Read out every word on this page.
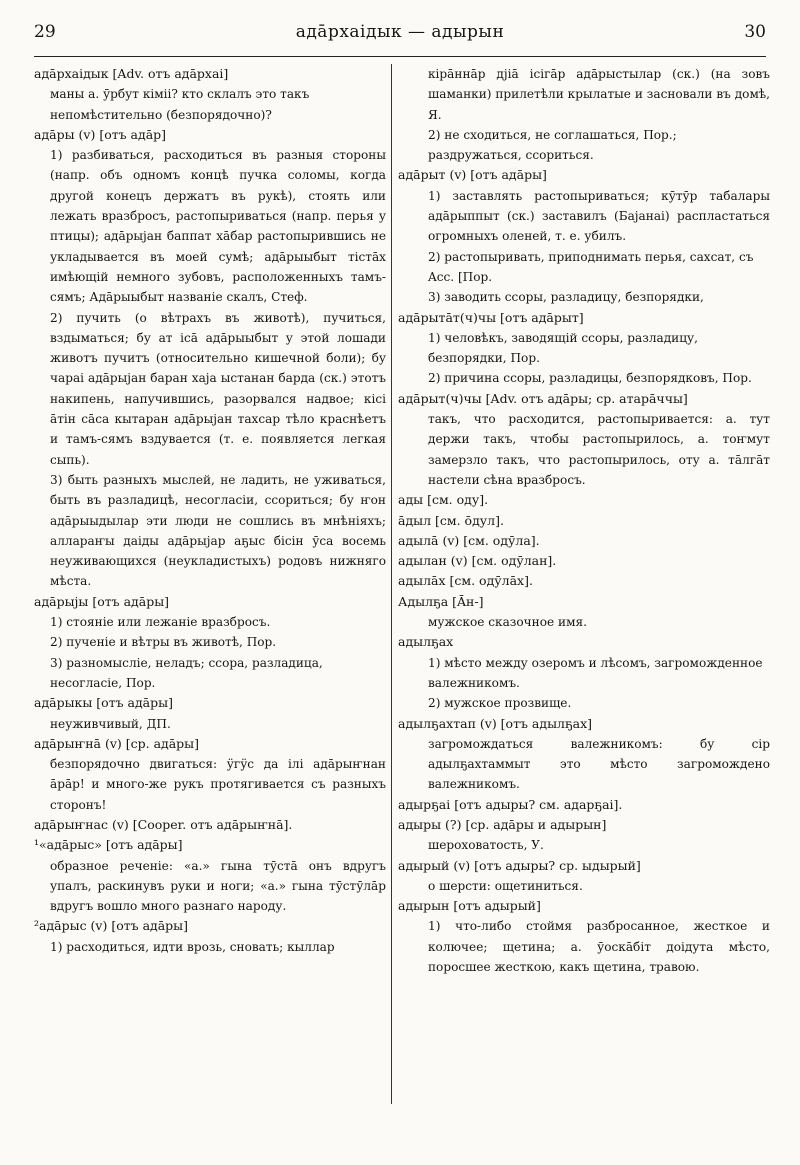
29	адāрхаідык — адырын	30
адāрхаідык [Adv. отъ адāрхаі]
маны а. ӯрбут кіміі? кто склалъ это такъ непомѣстительно (безпорядочно)?
адāры (v) [отъ адāр]
1) разбиваться, расходиться въ разныя стороны (напр. объ одномъ концѣ пучка соломы, когда другой конецъ держатъ въ рукѣ), стоять или лежать вразбросъ, растопыриваться (напр. перья у птицы); адāрыjан баппат хāбар растопырившись не укладывается въ моей сумѣ; адāрыыбыт тістāх имѣющій немного зубовъ, расположенныхъ тамъ-сямъ; Адāрыыбыт названіе скалъ, Стеф.
2) пучить (о вѣтрахъ въ животѣ), пучиться, вздыматься; бу ат ісā адāрыыбыт у этой лошади животъ пучитъ (относительно кишечной боли); бу чараі адāрыjан баран хаjа ыстанан барда (ск.) этотъ накипень, напучившись, разорвался надвое; кісі āтін сāса кытаран адāрыjан тахсар тѣло краснѣетъ и тамъ-сямъ вздувается (т. е. появляется легкая сыпь).
3) быть разныхъ мыслей, не ладить, не уживаться, быть въ разладицѣ, несогласіи, ссориться; бу ҥон адāрыыдылар эти люди не сошлись въ мнѣніяхъ; аллараҥы даіды адāрыjар аҕыс бісін ӯса восемь неуживающихся (неукладистыхъ) родовъ нижняго мѣста.
адāрыjы [отъ адāры]
1) стояніе или лежаніе вразбросъ.
2) пученіе и вѣтры въ животѣ, Пор.
3) разномысліе, неладъ; ссора, разладица, несогласіе, Пор.
адāрыкы [отъ адāры]
неуживчивый, ДП.
адāрыҥнā (v) [ср. адāры]
безпорядочно двигаться: ӱгӱс да ілі адāрыҥнан āрāр! и много-же рукъ протягивается съ разныхъ сторонъ!
адāрыҥнас (v) [Cooper. отъ адāрыҥнā].
¹«адāрыс» [отъ адāры]
образное реченіе: «а.» гына тӯстā онъ вдругъ упалъ, раскинувъ руки и ноги; «а.» гына тӯстӯлāр вдругъ вошло много разнаго народу.
²адāрыс (v) [отъ адāры]
1) расходиться, идти врозь, сновать; кыллар
кірāннāр дjіā ісігāр адāрыстылар (ск.) (на зовъ шаманки) прилетѣли крылатые и засновали въ домѣ, Я.
2) не сходиться, не соглашаться, Пор.; раздружаться, ссориться.
адāрыт (v) [отъ адāры]
1) заставлять растопыриваться; кӯтӯр табалары адāрыппыт (ск.) заставилъ (Баjанаі) распластаться огромныхъ оленей, т. е. убилъ.
2) растопыривать, приподнимать перья, сахсат, съ Acc. [Пор.
3) заводить ссоры, разладицу, безпорядки,
адāрытāт(ч)чы [отъ адāрыт]
1) человѣкъ, заводящій ссоры, разладицу, безпорядки, Пор.
2) причина ссоры, разладицы, безпорядковъ, Пор.
адāрыт(ч)чы [Adv. отъ адāры; ср. атарāччы]
такъ, что расходится, растопыривается: а. тут держи такъ, чтобы растопырилось, а. тоҥмут замерзло такъ, что растопырилось, оту а. тāлгāт настели сѣна вразбросъ.
ады [см. оду].
āдыл [см. ōдул].
адылā (v) [см. одӯла].
адылан (v) [см. одӯлан].
адылāх [см. одӯлāх].
Адылҕа [Āн-]
мужское сказочное имя.
адылҕах
1) мѣсто между озеромъ и лѣсомъ, загроможденное валежникомъ.
2) мужское прозвище.
адылҕахтап (v) [отъ адылҕах]
загромождаться валежникомъ: бу сір адылҕахтаммыт это мѣсто загромождено валежникомъ.
адырҕаі [отъ адыры? см. адарҕаі].
адыры (?) [ср. адāры и адырын]
шероховатость, У.
адырый (v) [отъ адыры? ср. ыдырый]
о шерсти: ощетиниться.
адырын [отъ адырый]
1) что-либо стоймя разбросанное, жесткое и колючее; щетина; а. ӯоскāбіт доідута мѣсто, поросшее жесткою, какъ щетина, травою.
